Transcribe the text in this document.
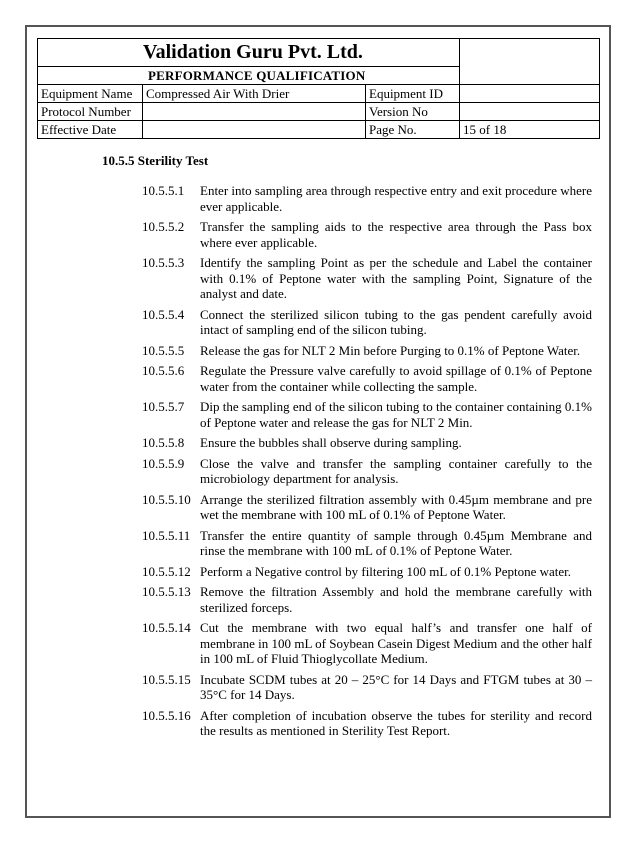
Validation Guru Pvt. Ltd.			
PERFORMANCE QUALIFICATION			
Equipment Name	Compressed Air With Drier	Equipment ID	
Protocol Number		Version No	
Effective Date		Page No.	15 of 18
10.5.5 Sterility Test
10.5.5.1	Enter into sampling area through respective entry and exit procedure where ever applicable.
10.5.5.2	Transfer the sampling aids to the respective area through the Pass box where ever applicable.
10.5.5.3	Identify the sampling Point as per the schedule and Label the container with 0.1% of Peptone water with the sampling Point, Signature of the analyst and date.
10.5.5.4	Connect the sterilized silicon tubing to the gas pendent carefully avoid intact of sampling end of the silicon tubing.
10.5.5.5	Release the gas for NLT 2 Min before Purging to 0.1% of Peptone Water.
10.5.5.6	Regulate the Pressure valve carefully to avoid spillage of 0.1% of Peptone water from the container while collecting the sample.
10.5.5.7	Dip the sampling end of the silicon tubing to the container containing 0.1% of Peptone water and release the gas for NLT 2 Min.
10.5.5.8	Ensure the bubbles shall observe during sampling.
10.5.5.9	Close the valve and transfer the sampling container carefully to the microbiology department for analysis.
10.5.5.10 Arrange the sterilized filtration assembly with 0.45µm membrane and pre wet the membrane with 100 mL of 0.1% of Peptone Water.
10.5.5.11 Transfer the entire quantity of sample through 0.45µm Membrane and rinse the membrane with 100 mL of 0.1% of Peptone Water.
10.5.5.12 Perform a Negative control by filtering 100 mL of 0.1% Peptone water.
10.5.5.13 Remove the filtration Assembly and hold the membrane carefully with sterilized forceps.
10.5.5.14 Cut the membrane with two equal half’s and transfer one half of membrane in 100 mL of Soybean Casein Digest Medium and the other half in 100 mL of Fluid Thioglycollate Medium.
10.5.5.15 Incubate SCDM tubes at 20 – 25°C for 14 Days and FTGM tubes at 30 – 35°C for 14 Days.
10.5.5.16 After completion of incubation observe the tubes for sterility and record the results as mentioned in Sterility Test Report.
